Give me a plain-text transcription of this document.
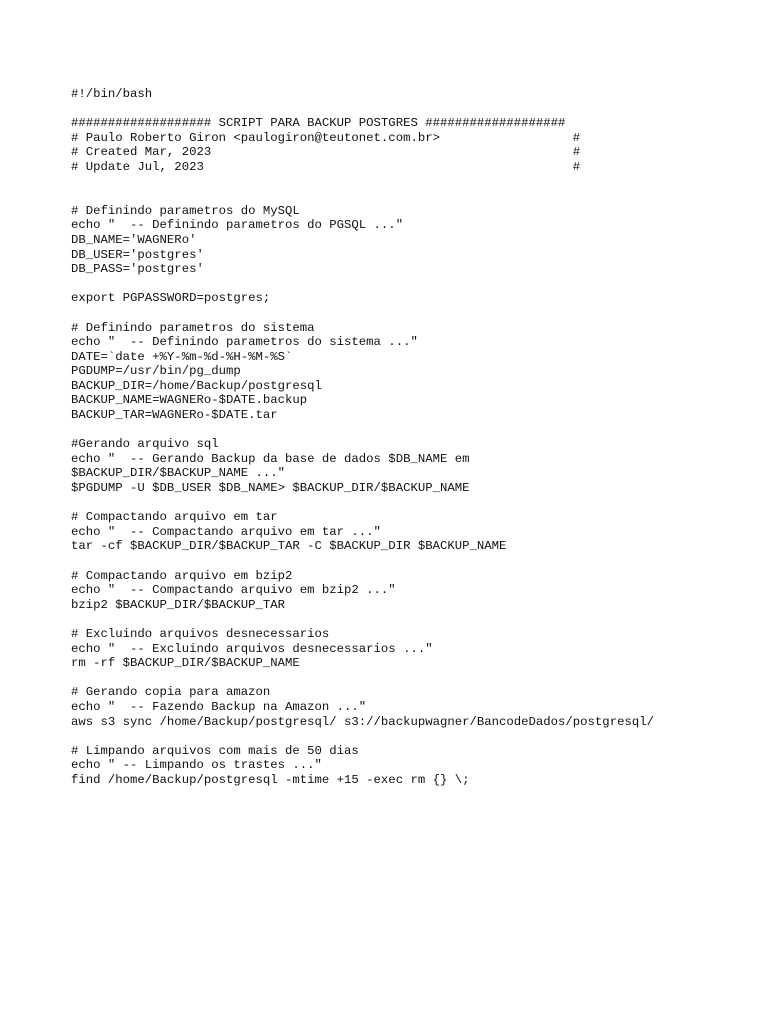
#!/bin/bash
################### SCRIPT PARA BACKUP POSTGRES ###################
# Paulo Roberto Giron <paulogiron@teutonet.com.br>                  #
# Created Mar, 2023                                                 #
# Update Jul, 2023                                                  #
# Definindo parametros do MySQL
echo "  -- Definindo parametros do PGSQL ..."
DB_NAME='WAGNERo'
DB_USER='postgres'
DB_PASS='postgres'
export PGPASSWORD=postgres;
# Definindo parametros do sistema
echo "  -- Definindo parametros do sistema ..."
DATE=`date +%Y-%m-%d-%H-%M-%S`
PGDUMP=/usr/bin/pg_dump
BACKUP_DIR=/home/Backup/postgresql
BACKUP_NAME=WAGNERo-$DATE.backup
BACKUP_TAR=WAGNERo-$DATE.tar
#Gerando arquivo sql
echo "  -- Gerando Backup da base de dados $DB_NAME em
$BACKUP_DIR/$BACKUP_NAME ..."
$PGDUMP -U $DB_USER $DB_NAME> $BACKUP_DIR/$BACKUP_NAME
# Compactando arquivo em tar
echo "  -- Compactando arquivo em tar ..."
tar -cf $BACKUP_DIR/$BACKUP_TAR -C $BACKUP_DIR $BACKUP_NAME
# Compactando arquivo em bzip2
echo "  -- Compactando arquivo em bzip2 ..."
bzip2 $BACKUP_DIR/$BACKUP_TAR
# Excluindo arquivos desnecessarios
echo "  -- Excluindo arquivos desnecessarios ..."
rm -rf $BACKUP_DIR/$BACKUP_NAME
# Gerando copia para amazon
echo "  -- Fazendo Backup na Amazon ..."
aws s3 sync /home/Backup/postgresql/ s3://backupwagner/BancodeDados/postgresql/
# Limpando arquivos com mais de 50 dias
echo " -- Limpando os trastes ..."
find /home/Backup/postgresql -mtime +15 -exec rm {} \;
